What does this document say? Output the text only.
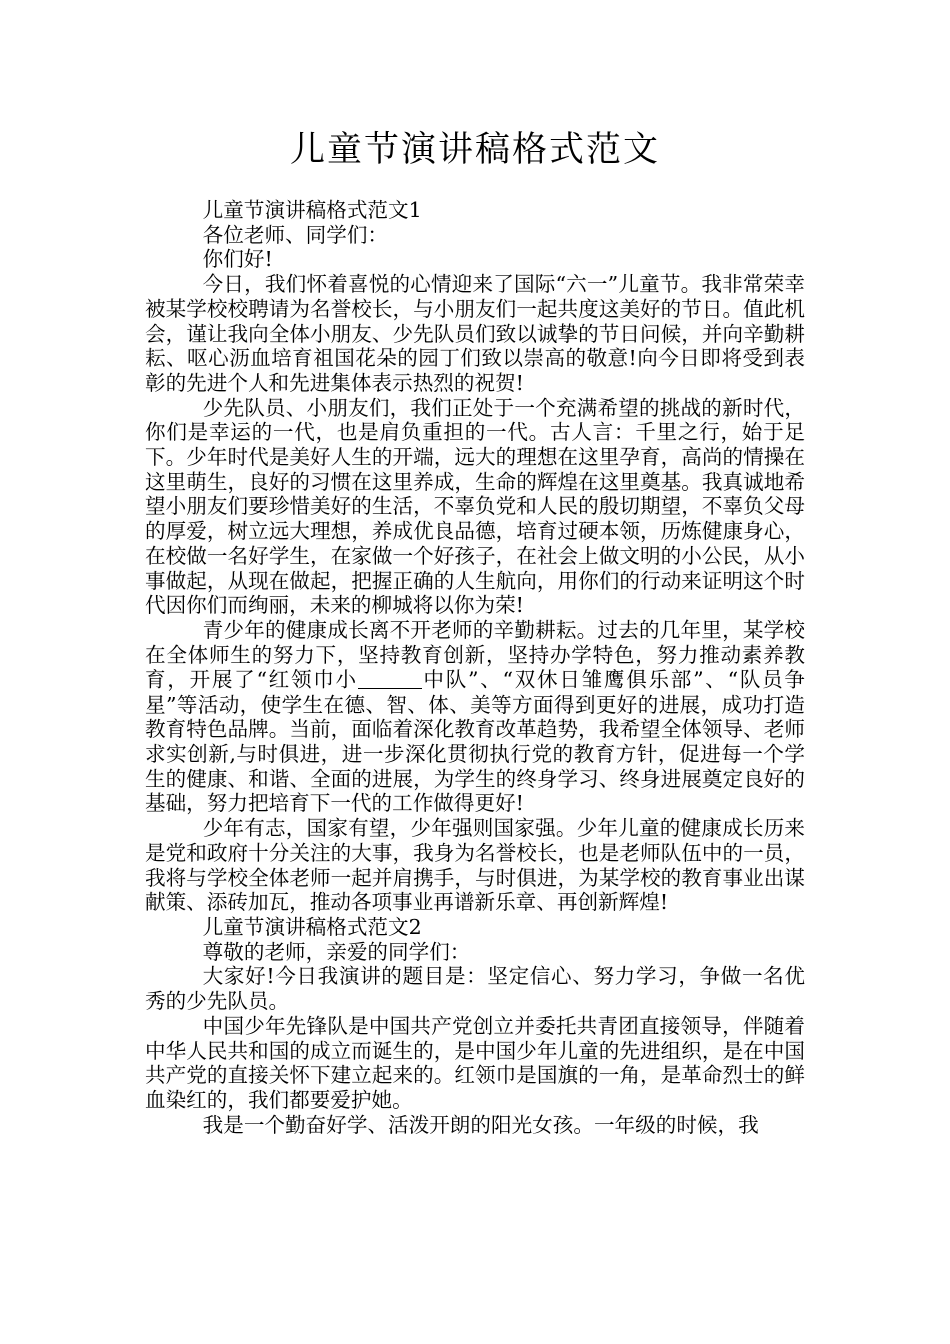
儿童节演讲稿格式范文

儿童节演讲稿格式范文1

各位老师、同学们：

你们好!

今日，我们怀着喜悦的心情迎来了国际“六一”儿童节。我非常荣幸被某学校校聘请为名誉校长，与小朋友们一起共度这美好的节日。值此机会，谨让我向全体小朋友、少先队员们致以诚挚的节日问候，并向辛勤耕耘、呕心沥血培育祖国花朵的园丁们致以崇高的敬意!向今日即将受到表彰的先进个人和先进集体表示热烈的祝贺!

少先队员、小朋友们，我们正处于一个充满希望的挑战的新时代，你们是幸运的一代，也是肩负重担的一代。古人言：千里之行，始于足下。少年时代是美好人生的开端，远大的理想在这里孕育，高尚的情操在这里萌生，良好的习惯在这里养成，生命的辉煌在这里奠基。我真诚地希望小朋友们要珍惜美好的生活，不辜负党和人民的殷切期望，不辜负父母的厚爱，树立远大理想，养成优良品德，培育过硬本领，历炼健康身心，在校做一名好学生，在家做一个好孩子，在社会上做文明的小公民，从小事做起，从现在做起，把握正确的人生航向，用你们的行动来证明这个时代因你们而绚丽，未来的柳城将以你为荣!

青少年的健康成长离不开老师的辛勤耕耘。过去的几年里，某学校在全体师生的努力下，坚持教育创新，坚持办学特色，努力推动素养教育，开展了“红领巾小	中队”、“双休日雏鹰俱乐部”、“队员争星”等活动，使学生在德、智、体、美等方面得到更好的进展，成功打造教育特色品牌。当前，面临着深化教育改革趋势，我希望全体领导、老师求实创新,与时俱进，进一步深化贯彻执行党的教育方针，促进每一个学生的健康、和谐、全面的进展，为学生的终身学习、终身进展奠定良好的基础，努力把培育下一代的工作做得更好!

少年有志，国家有望，少年强则国家强。少年儿童的健康成长历来是党和政府十分关注的大事，我身为名誉校长，也是老师队伍中的一员，我将与学校全体老师一起并肩携手，与时俱进，为某学校的教育事业出谋献策、添砖加瓦，推动各项事业再谱新乐章、再创新辉煌!

儿童节演讲稿格式范文2

尊敬的老师，亲爱的同学们：

大家好!今日我演讲的题目是：坚定信心、努力学习，争做一名优秀的少先队员。

中国少年先锋队是中国共产党创立并委托共青团直接领导，伴随着中华人民共和国的成立而诞生的，是中国少年儿童的先进组织，是在中国共产党的直接关怀下建立起来的。红领巾是国旗的一角，是革命烈士的鲜血染红的，我们都要爱护她。

我是一个勤奋好学、活泼开朗的阳光女孩。一年级的时候，我
